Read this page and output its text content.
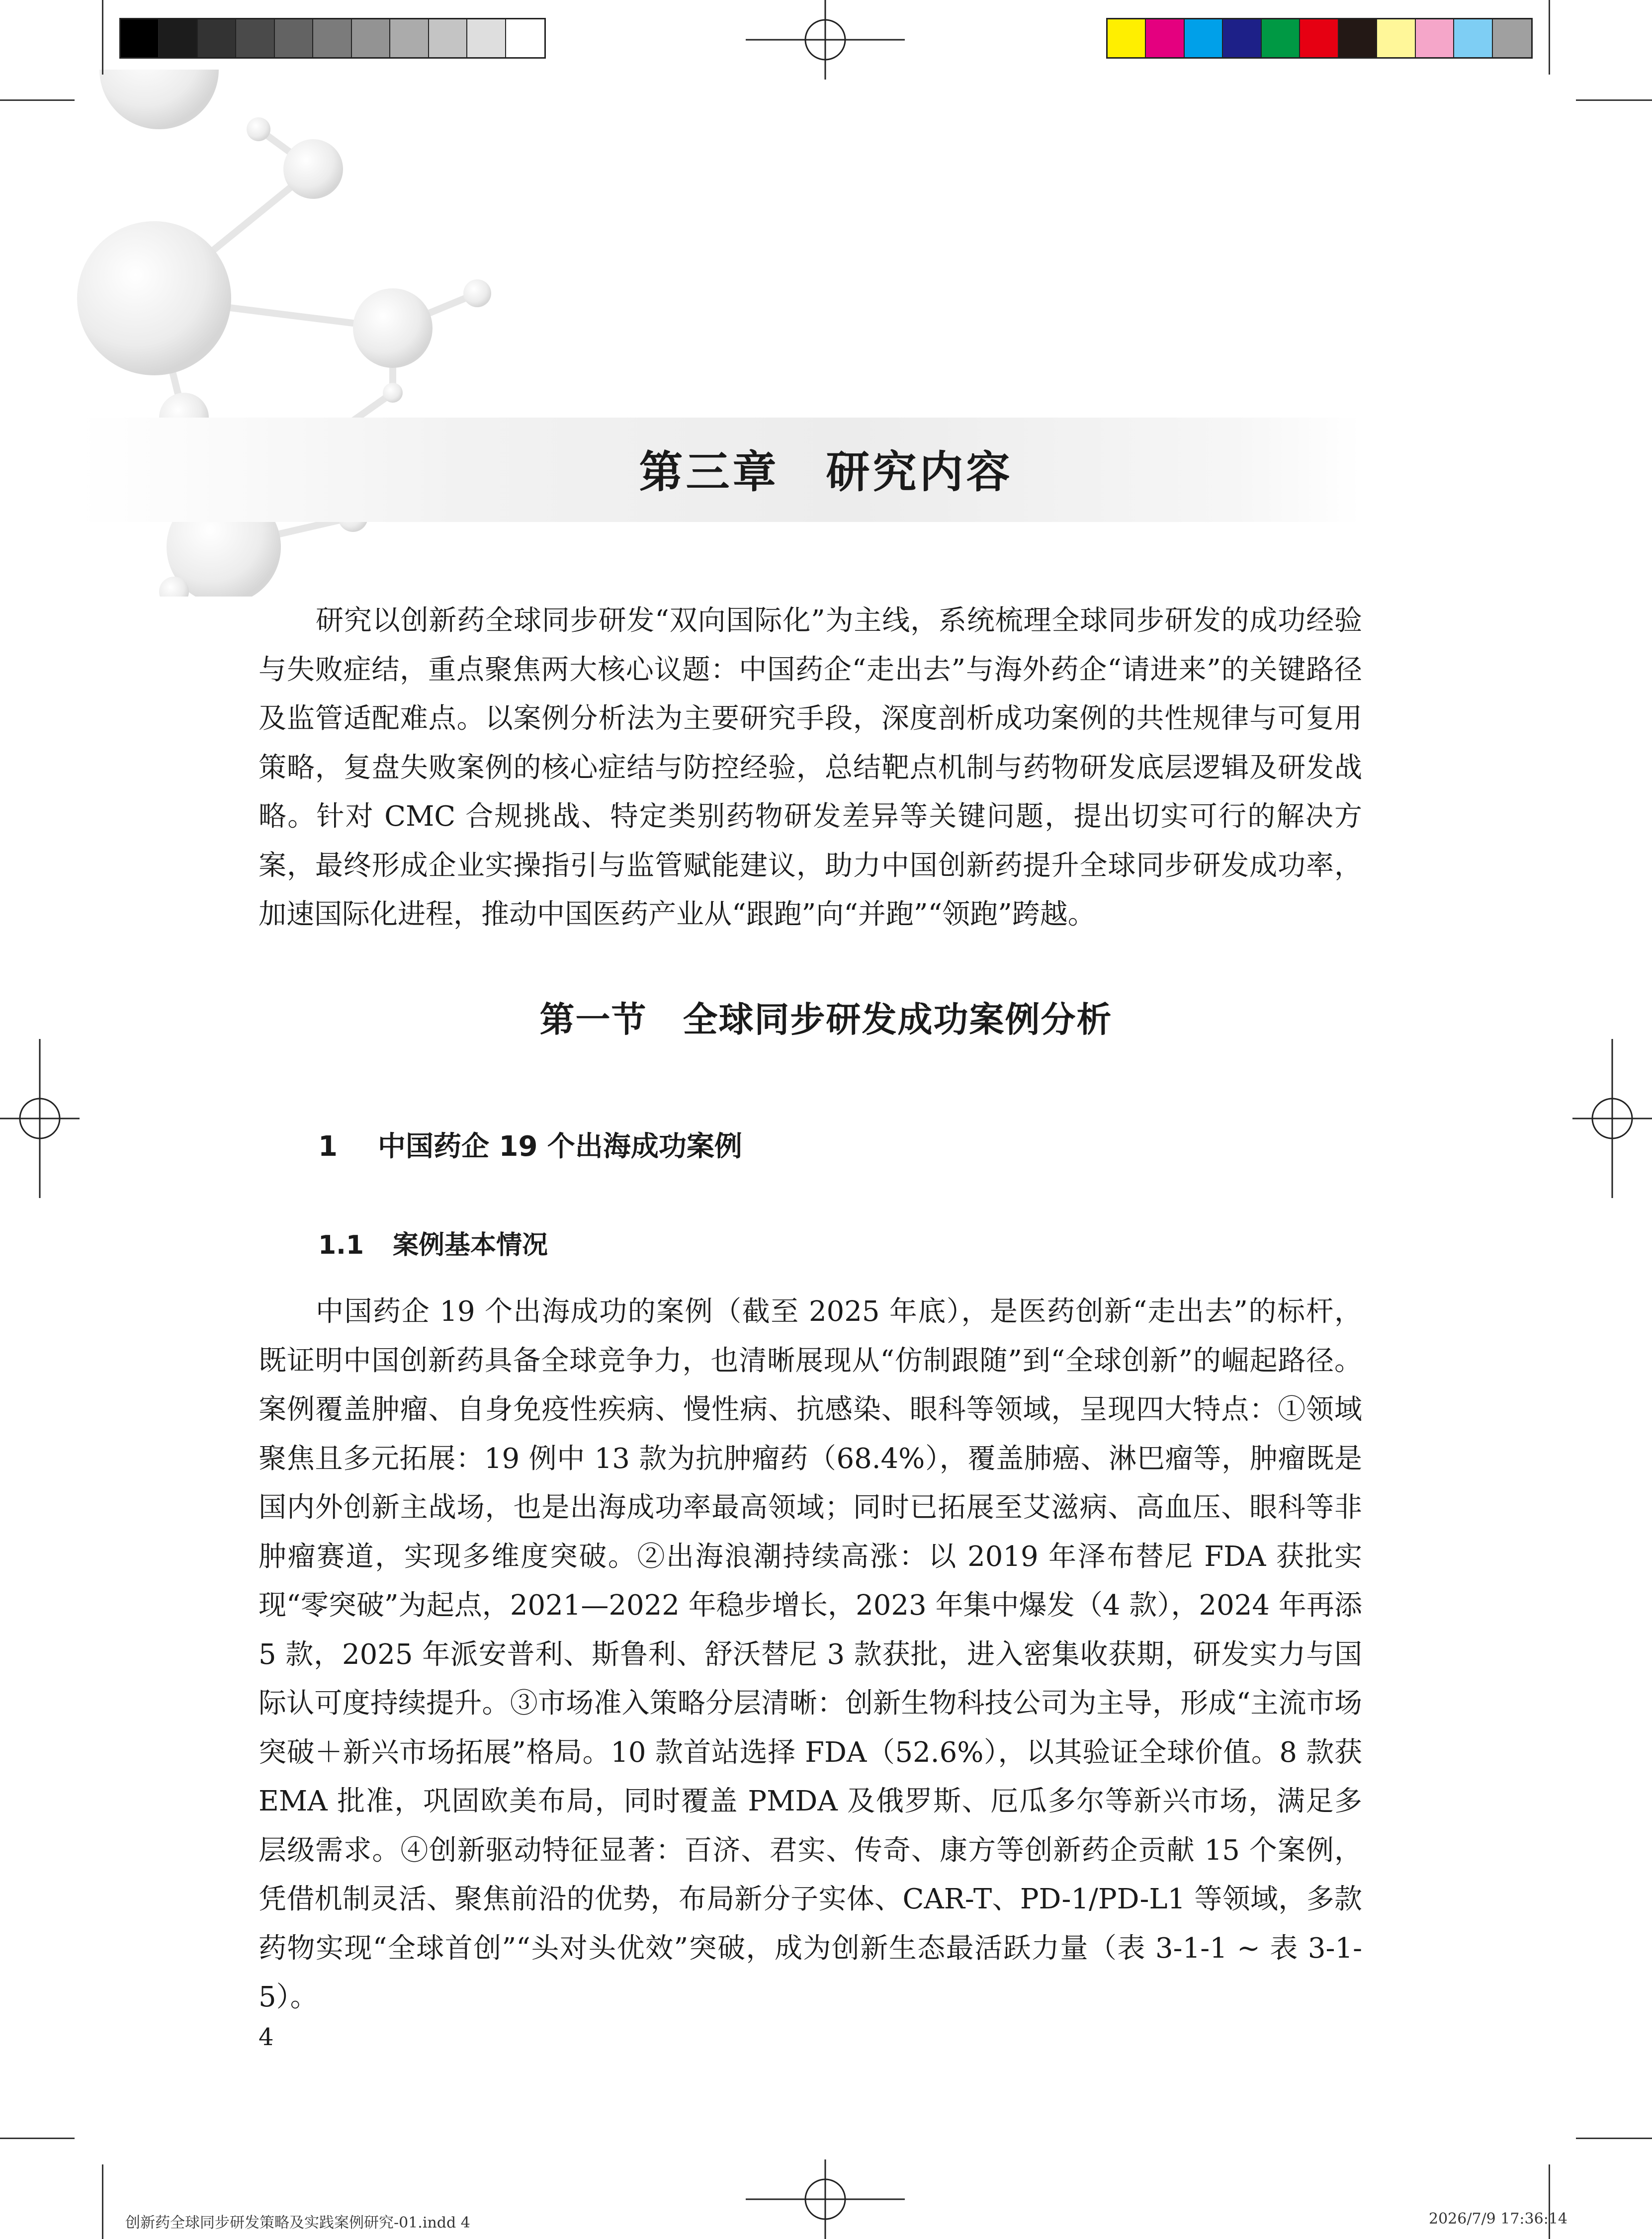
第三章　研究内容

研究以创新药全球同步研发“双向国际化”为主线，系统梳理全球同步研发的成功经验与失败症结，重点聚焦两大核心议题：中国药企“走出去”与海外药企“请进来”的关键路径及监管适配难点。以案例分析法为主要研究手段，深度剖析成功案例的共性规律与可复用策略，复盘失败案例的核心症结与防控经验，总结靶点机制与药物研发底层逻辑及研发战略。针对 CMC 合规挑战、特定类别药物研发差异等关键问题，提出切实可行的解决方案，最终形成企业实操指引与监管赋能建议，助力中国创新药提升全球同步研发成功率，加速国际化进程，推动中国医药产业从“跟跑”向“并跑”“领跑”跨越。

第一节　全球同步研发成功案例分析
1 中国药企 19 个出海成功案例
1.1 案例基本情况

中国药企 19 个出海成功的案例（截至 2025 年底），是医药创新“走出去”的标杆，既证明中国创新药具备全球竞争力，也清晰展现从“仿制跟随”到“全球创新”的崛起路径。案例覆盖肿瘤、自身免疫性疾病、慢性病、抗感染、眼科等领域，呈现四大特点：①领域聚焦且多元拓展：19 例中 13 款为抗肿瘤药（68.4%），覆盖肺癌、淋巴瘤等，肿瘤既是国内外创新主战场，也是出海成功率最高领域；同时已拓展至艾滋病、高血压、眼科等非肿瘤赛道，实现多维度突破。②出海浪潮持续高涨：以 2019 年泽布替尼 FDA 获批实现“零突破”为起点，2021—2022 年稳步增长，2023 年集中爆发（4 款），2024 年再添 5 款，2025 年派安普利、斯鲁利、舒沃替尼 3 款获批，进入密集收获期，研发实力与国际认可度持续提升。③市场准入策略分层清晰：创新生物科技公司为主导，形成“主流市场突破＋新兴市场拓展”格局。10 款首站选择 FDA（52.6%），以其验证全球价值。8 款获 EMA 批准，巩固欧美布局，同时覆盖 PMDA 及俄罗斯、厄瓜多尔等新兴市场，满足多层级需求。④创新驱动特征显著：百济、君实、传奇、康方等创新药企贡献 15 个案例，凭借机制灵活、聚焦前沿的优势，布局新分子实体、CAR-T、PD-1/PD-L1 等领域，多款药物实现“全球首创”“头对头优效”突破，成为创新生态最活跃力量（表 3-1-1 ~ 表 3-1-5）。

4
创新药全球同步研发策略及实践案例研究-01.indd 4	2026/7/9 17:36:14
